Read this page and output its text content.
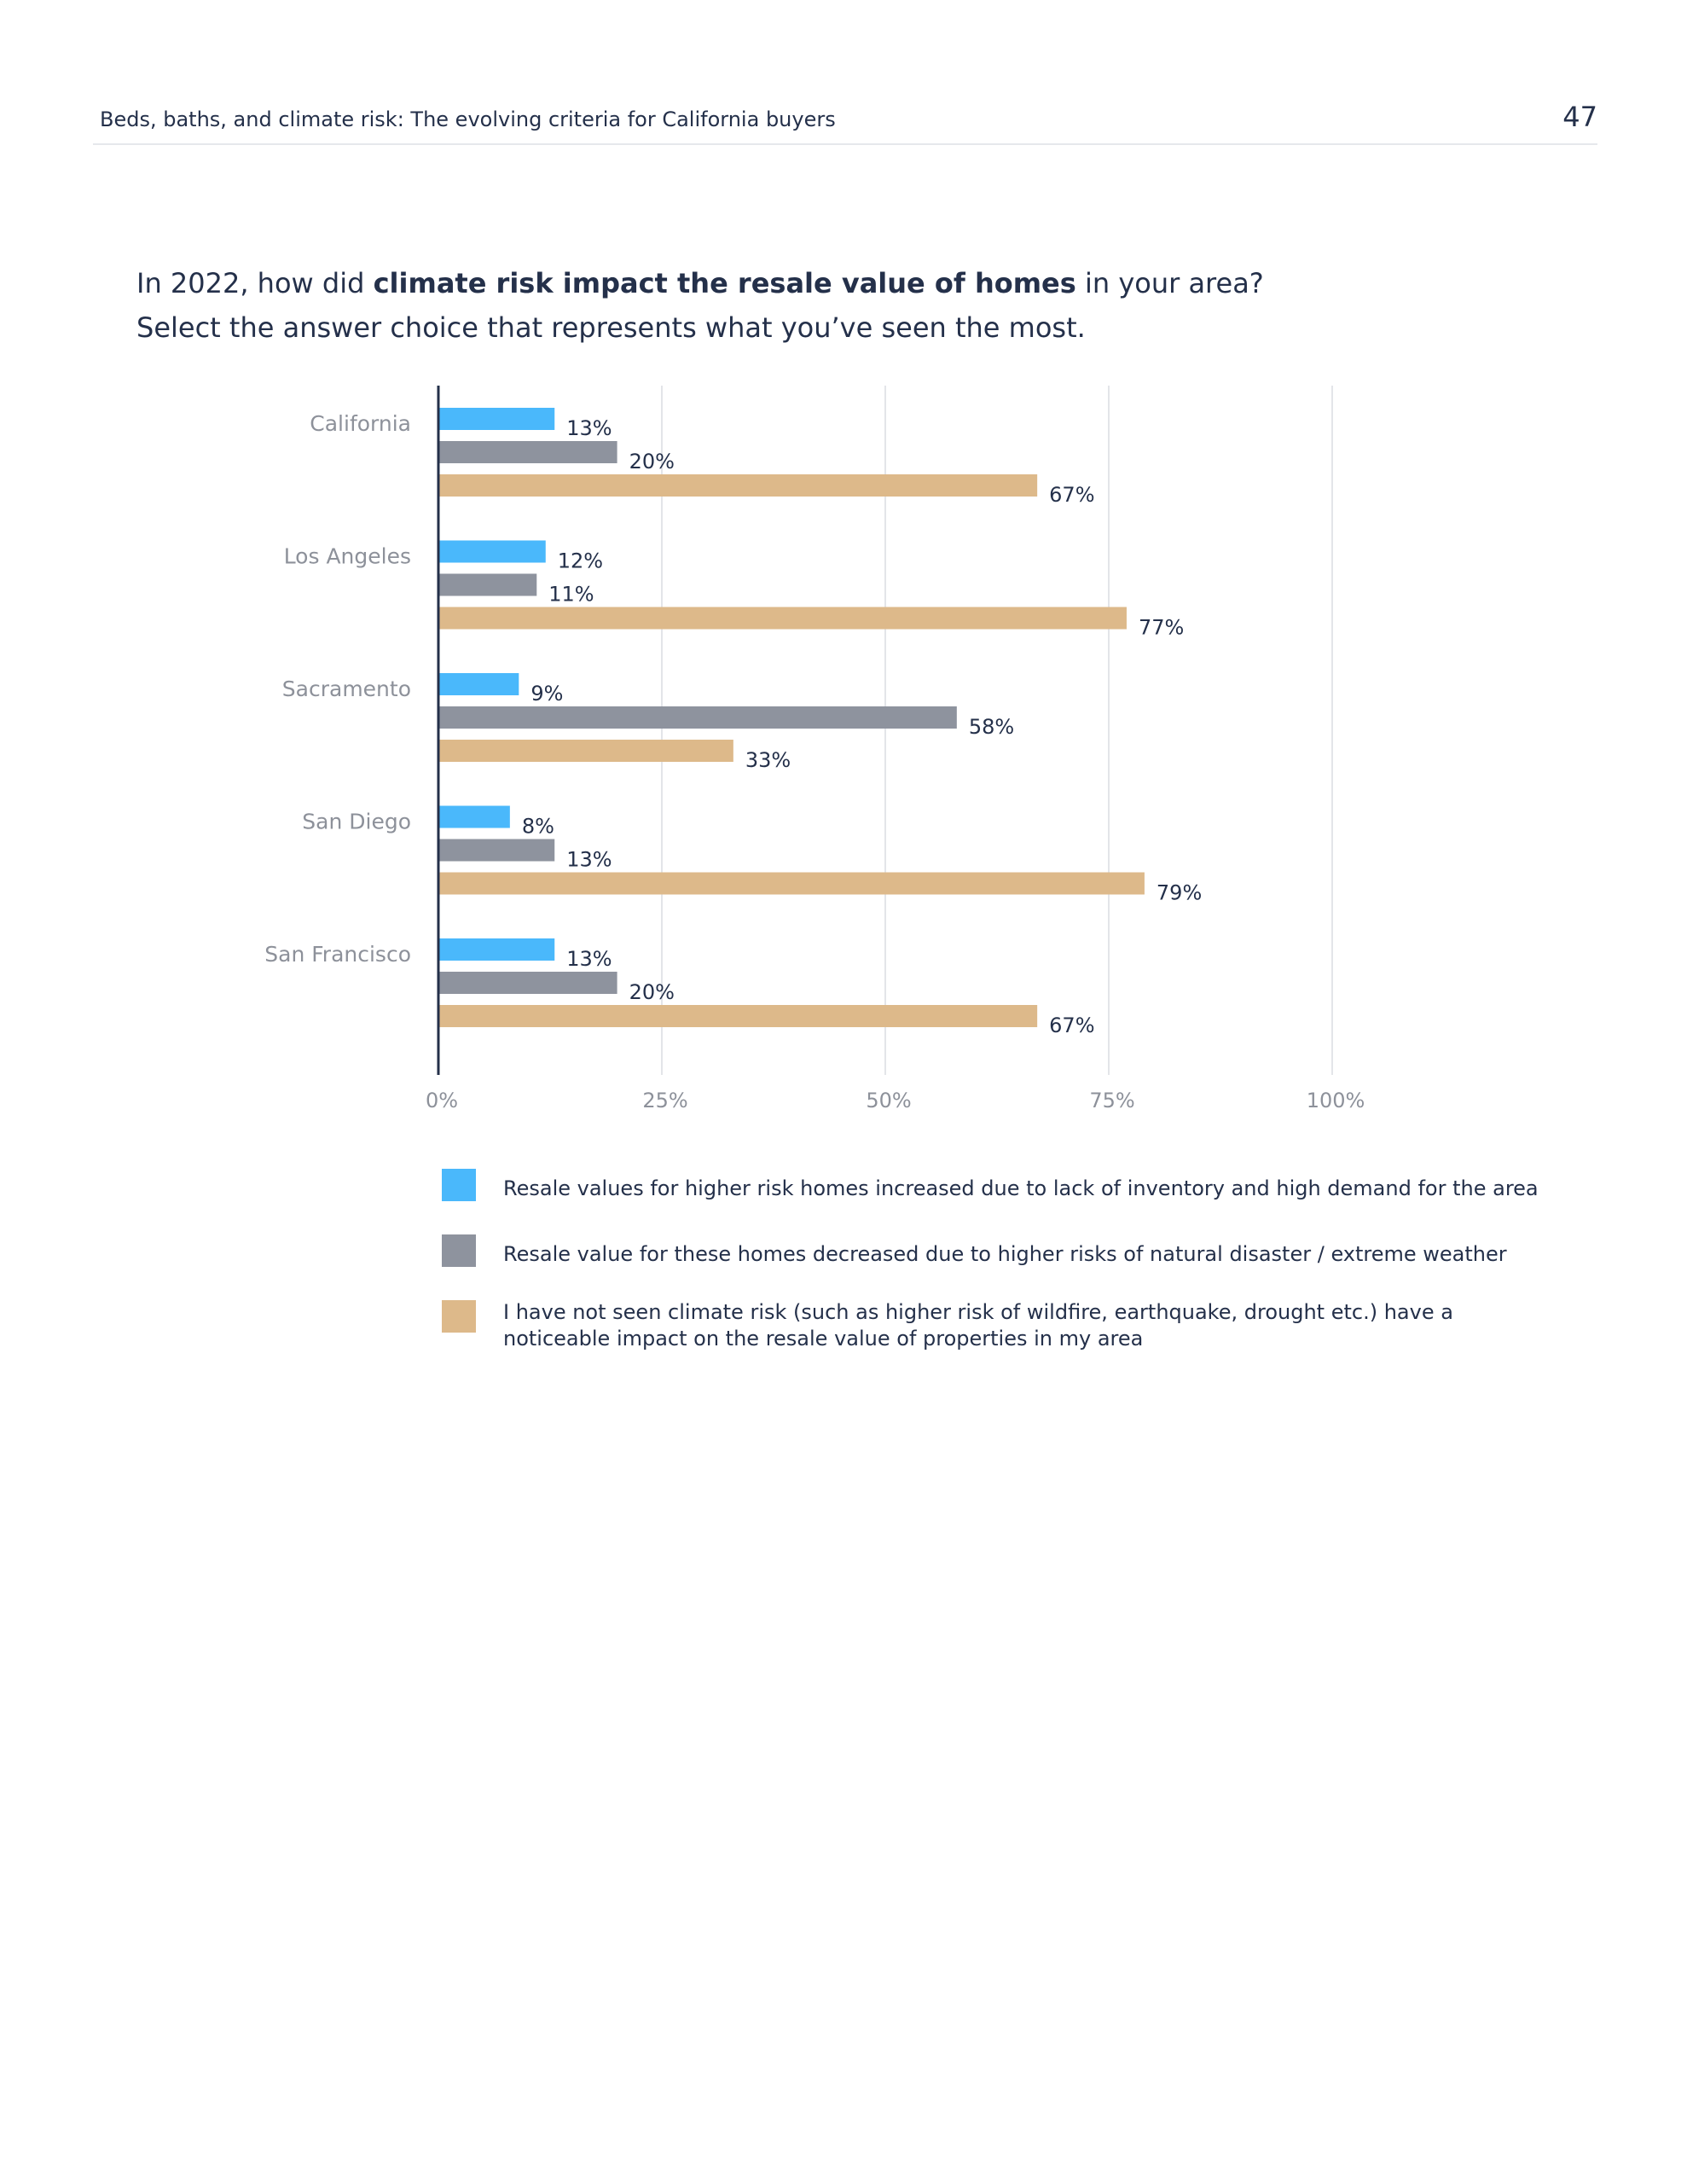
Beds, baths, and climate risk: The evolving criteria for California buyers	47
In 2022, how did climate risk impact the resale value of homes in your area? Select the answer choice that represents what you’ve seen the most.
0%	25%	50%	75%	100%
California	13%
20%
67%
Los Angeles	12%
11%
77%
Sacramento	9%
58%
33%
San Diego	8%
13%
79%
San Francisco	13%
20%
67%
Resale values for higher risk homes increased due to lack of inventory and high demand for the area
Resale value for these homes decreased due to higher risks of natural disaster / extreme weather
I have not seen climate risk (such as higher risk of wildfire, earthquake, drought etc.) have a noticeable impact on the resale value of properties in my area
